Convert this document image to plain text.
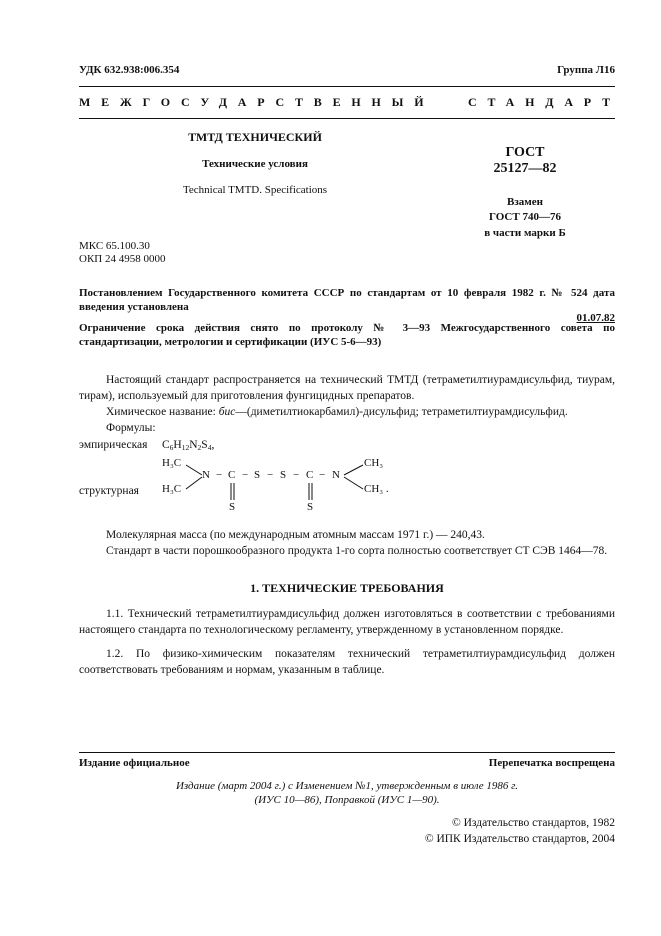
УДК 632.938:006.354	Группа Л16
МЕЖГОСУДАРСТВЕННЫЙ	СТАНДАРТ
ТМТД ТЕХНИЧЕСКИЙ
Технические условия
Technical TMTD. Specifications
МКС 65.100.30
ОКП 24 4958 0000
ГОСТ
25127—82
Взамен
ГОСТ 740—76
в части марки Б
Постановлением Государственного комитета СССР по стандартам от 10 февраля 1982 г. № 524 дата введения установлена
01.07.82
Ограничение срока действия снято по протоколу № 3—93 Межгосударственного совета по стандартизации, метрологии и сертификации (ИУС 5-6—93)
Настоящий стандарт распространяется на технический ТМТД (тетраметилтиурамдисульфид, тиурам, тирам), используемый для приготовления фунгицидных препаратов.
Химическое название: бис—(диметилтиокарбамил)-дисульфид; тетраметилтиурамдисульфид.
Формулы:
эмпирическая $C_6H_{12}N_2S_4$,
структурная
H₃C
H₃C
N − C − S − S − C − N
CH₃
CH₃ .
S	S
Молекулярная масса (по международным атомным массам 1971 г.) — 240,43.
Стандарт в части порошкообразного продукта 1-го сорта полностью соответствует СТ СЭВ 1464—78.
1. ТЕХНИЧЕСКИЕ ТРЕБОВАНИЯ
1.1. Технический тетраметилтиурамдисульфид должен изготовляться в соответствии с требованиями настоящего стандарта по технологическому регламенту, утвержденному в установленном порядке.
1.2. По физико-химическим показателям технический тетраметилтиурамдисульфид должен соответствовать требованиям и нормам, указанным в таблице.
Издание официальное	Перепечатка воспрещена
Издание (март 2004 г.) с Изменением №1, утвержденным в июле 1986 г.
(ИУС 10—86), Поправкой (ИУС 1—90).
© Издательство стандартов, 1982
© ИПК Издательство стандартов, 2004
